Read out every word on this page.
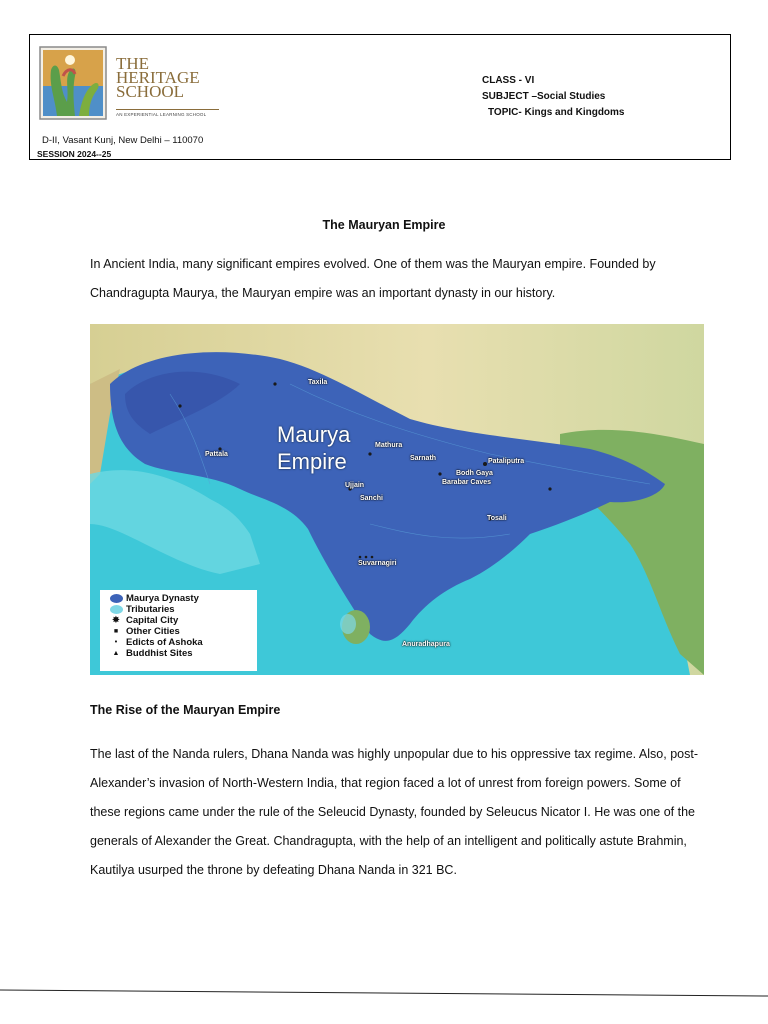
THE
HERITAGE
SCHOOL
AN EXPERIENTIAL LEARNING SCHOOL
D-II, Vasant Kunj, New Delhi – 110070
SESSION 2024--25
CLASS - VI
SUBJECT –Social Studies
TOPIC- Kings and Kingdoms
The Mauryan Empire
In Ancient India, many significant empires evolved. One of them was the Mauryan empire. Founded by Chandragupta Maurya, the Mauryan empire was an important dynasty in our history.
Maurya
Empire
Taxila
Mathura
Pattala
Sarnath	Pataliputra
Bodh Gaya
Barabar Caves
Ujjain
Sanchi
Tosali
Suvarnagiri
Anuradhapura
Maurya Dynasty
Tributaries
✸ Capital City
■ Other Cities
• Edicts of Ashoka
▲ Buddhist Sites
The Rise of the Mauryan Empire
The last of the Nanda rulers, Dhana Nanda was highly unpopular due to his oppressive tax regime. Also, post-Alexander’s invasion of North-Western India, that region faced a lot of unrest from foreign powers. Some of these regions came under the rule of the Seleucid Dynasty, founded by Seleucus Nicator I. He was one of the generals of Alexander the Great. Chandragupta, with the help of an intelligent and politically astute Brahmin, Kautilya usurped the throne by defeating Dhana Nanda in 321 BC.
